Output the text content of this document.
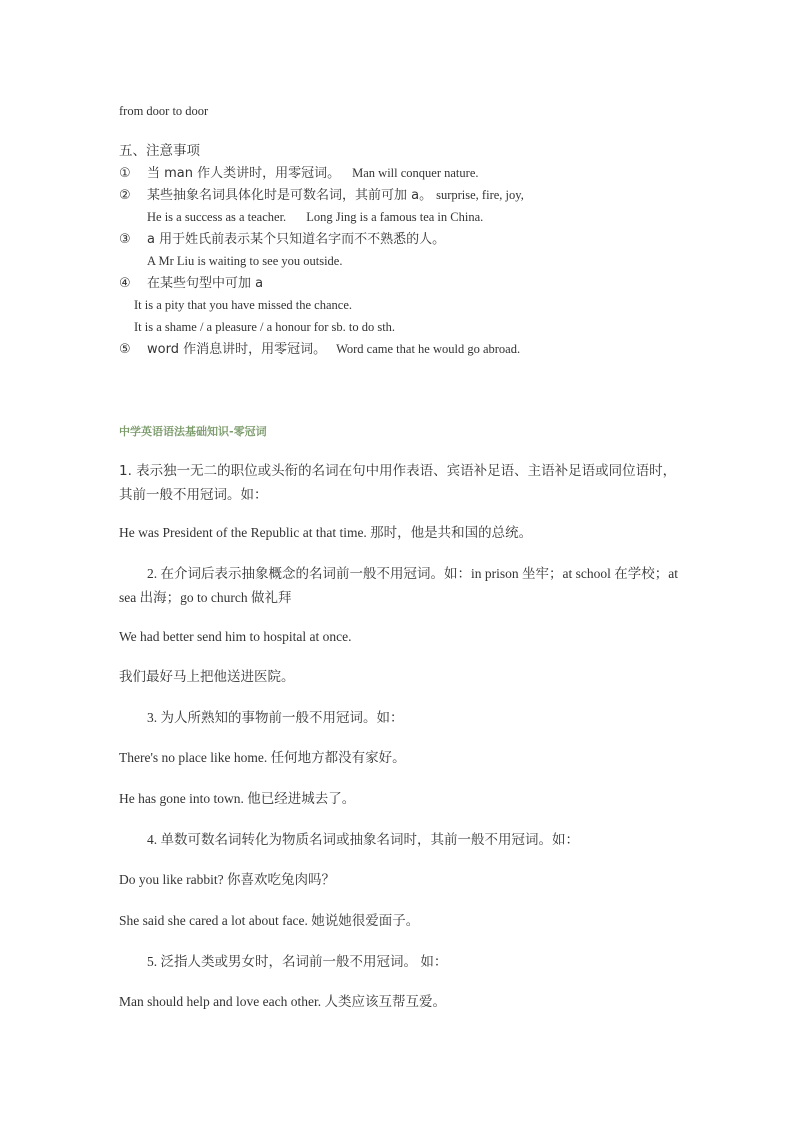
from door to door
五、注意事项
① 当 man 作人类讲时，用零冠词。 Man will conquer nature.
② 某些抽象名词具体化时是可数名词，其前可加 a。 surprise, fire, joy,
He is a success as a teacher. Long Jing is a famous tea in China.
③ a 用于姓氏前表示某个只知道名字而不不熟悉的人。
A Mr Liu is waiting to see you outside.
④ 在某些句型中可加 a
It is a pity that you have missed the chance.
It is a shame / a pleasure / a honour for sb. to do sth.
⑤ word 作消息讲时，用零冠词。 Word came that he would go abroad.
中学英语语法基础知识-零冠词
1. 表示独一无二的职位或头衔的名词在句中用作表语、宾语补足语、主语补足语或同位语时，其前一般不用冠词。如：
He was President of the Republic at that time. 那时，他是共和国的总统。
2. 在介词后表示抽象概念的名词前一般不用冠词。如：in prison 坐牢；at school 在学校；at sea 出海；go to church 做礼拜
We had better send him to hospital at once.
我们最好马上把他送进医院。
3. 为人所熟知的事物前一般不用冠词。如：
There's no place like home. 任何地方都没有家好。
He has gone into town. 他已经进城去了。
4. 单数可数名词转化为物质名词或抽象名词时，其前一般不用冠词。如：
Do you like rabbit? 你喜欢吃兔肉吗？
She said she cared a lot about face. 她说她很爱面子。
5. 泛指人类或男女时，名词前一般不用冠词。 如：
Man should help and love each other. 人类应该互帮互爱。
